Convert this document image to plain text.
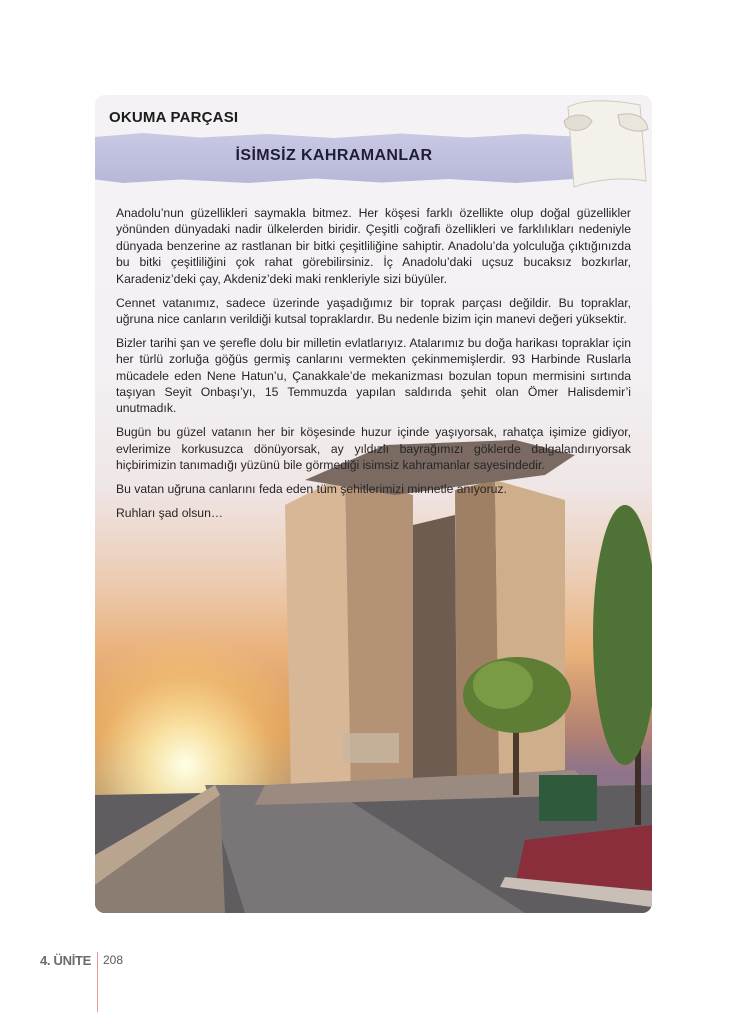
İSİMSİZ KAHRAMANLAR
OKUMA PARÇASI

Anadolu’nun güzellikleri saymakla bitmez. Her köşesi farklı özellikte olup doğal güzellikler yönünden dünyadaki nadir ülkelerden biridir. Çeşitli coğrafi özellikleri ve farklılıkları nedeniyle dünyada benzerine az rastlanan bir bitki çeşitliliğine sahiptir. Anadolu’da yolculuğa çıktığınızda bu bitki çeşitliliğini çok rahat görebilirsiniz. İç Anadolu’daki uçsuz bucaksız bozkırlar, Karadeniz’deki çay, Akdeniz’deki maki renkleriyle sizi büyüler.

Cennet vatanımız, sadece üzerinde yaşadığımız bir toprak parçası değildir. Bu topraklar, uğruna nice canların verildiği kutsal topraklardır. Bu nedenle bizim için manevi değeri yüksektir.

Bizler tarihi şan ve şerefle dolu bir milletin evlatlarıyız. Atalarımız bu doğa harikası topraklar için her türlü zorluğa göğüs germiş canlarını vermekten çekinmemişlerdir. 93 Harbinde Ruslarla mücadele eden Nene Hatun’u, Çanakkale’de mekanizması bozulan topun mermisini sırtında taşıyan Seyit Onbaşı’yı, 15 Temmuzda yapılan saldırıda şehit olan Ömer Halisdemir’i unutmadık.

Bugün bu güzel vatanın her bir köşesinde huzur içinde yaşıyorsak, rahatça işimize gidiyor, evlerimize korkusuzca dönüyorsak, ay yıldızlı bayrağımızı göklerde dalgalandırıyorsak hiçbirimizin tanımadığı yüzünü bile görmediği isimsiz kahramanlar sayesindedir.

Bu vatan uğruna canlarını feda eden tüm şehitlerimizi minnetle anıyoruz.

Ruhları şad olsun…

4. ÜNİTE 208
